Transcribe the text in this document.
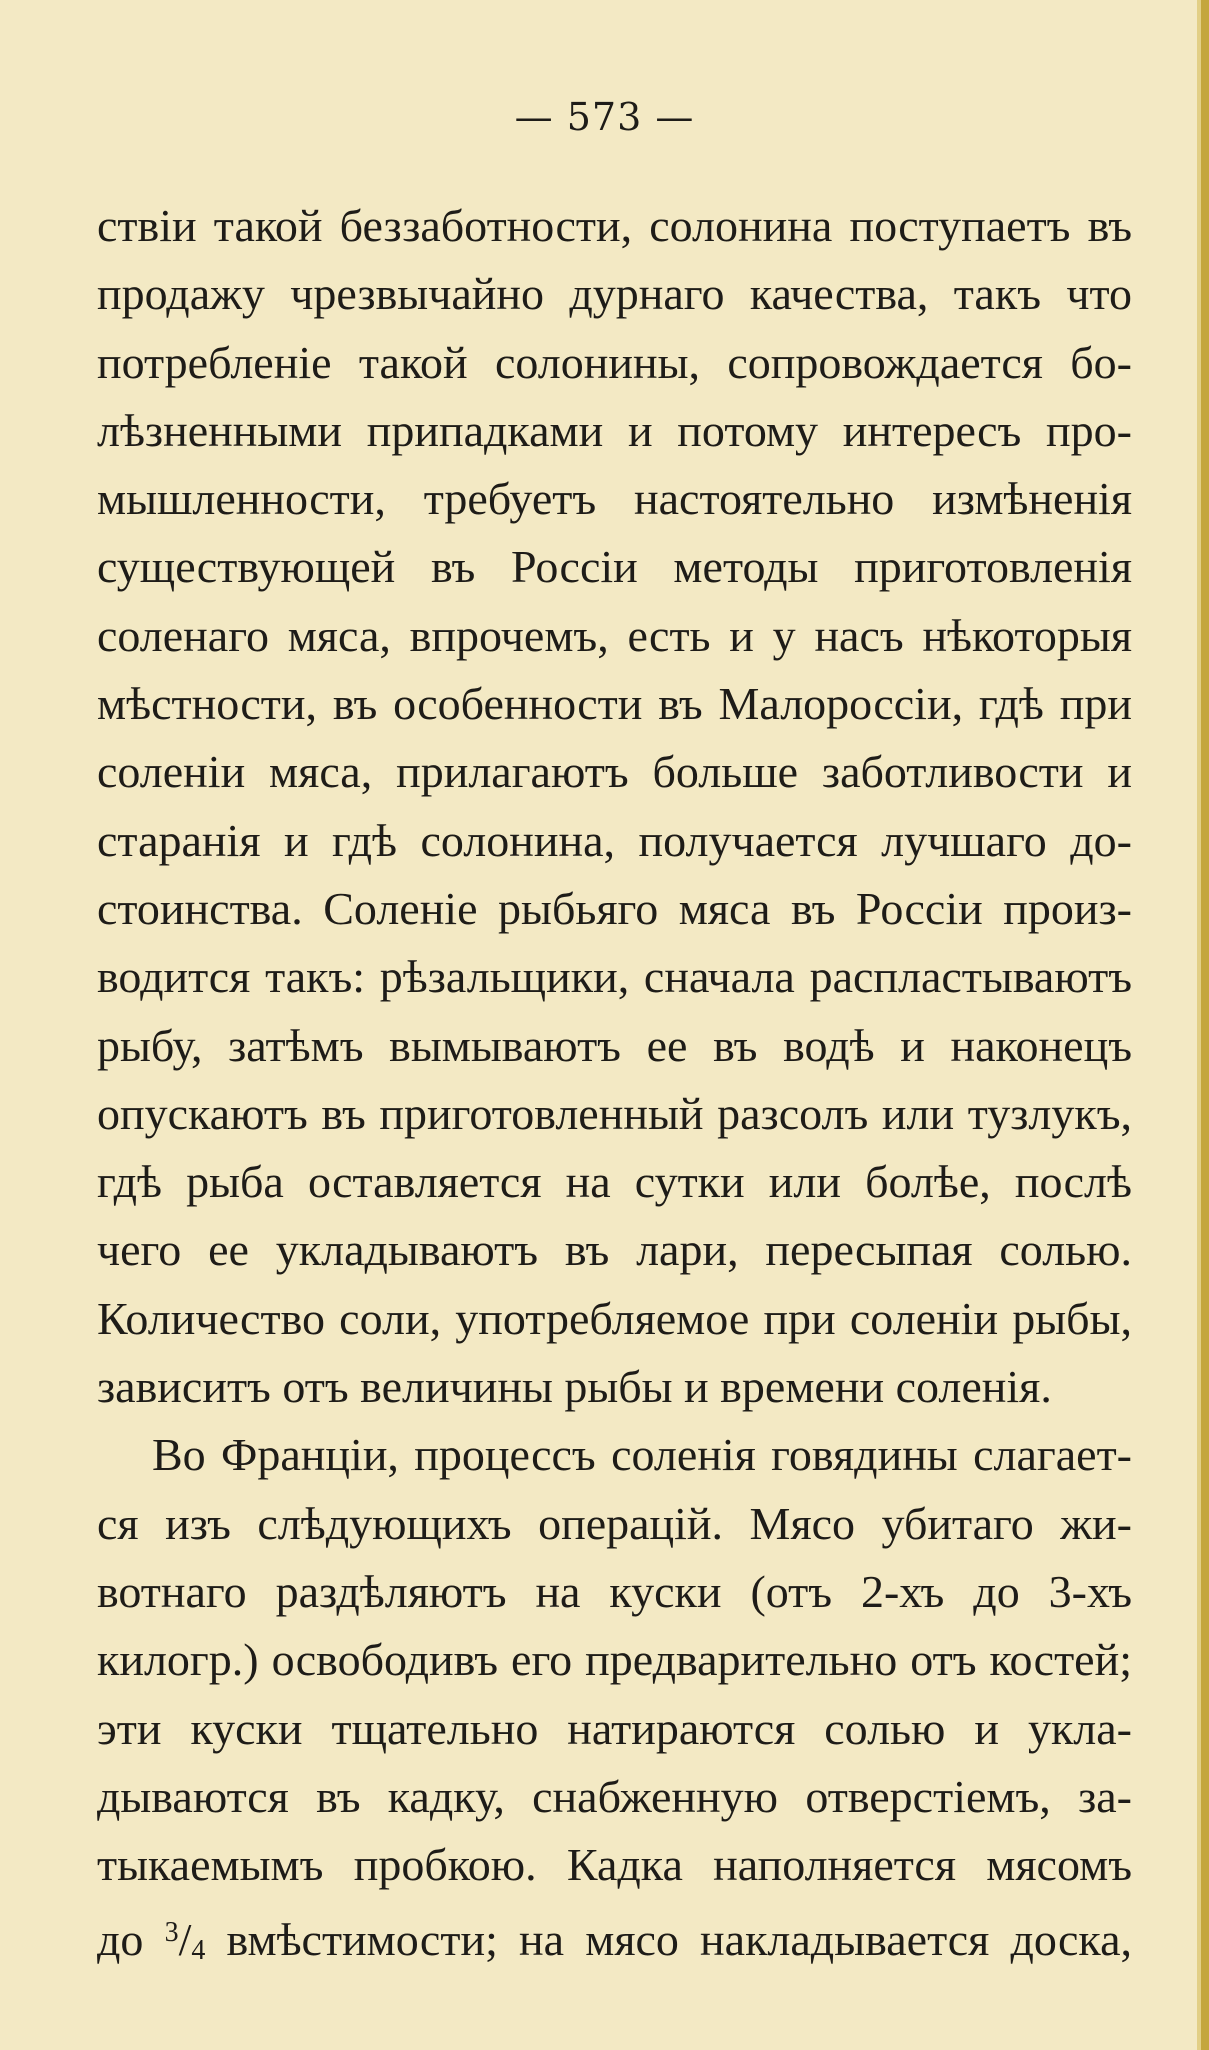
— 573 —
ствіи такой беззаботности, солонина поступаетъ въ
продажу чрезвычайно дурнаго качества, такъ что
потребленіе такой солонины, сопровождается бо-
лѣзненными припадками и потому интересъ про-
мышленности, требуетъ настоятельно измѣненія
существующей въ Россіи методы приготовленія
соленаго мяса, впрочемъ, есть и у насъ нѣкоторыя
мѣстности, въ особенности въ Малороссіи, гдѣ при
соленіи мяса, прилагаютъ больше заботливости и
старанія и гдѣ солонина, получается лучшаго до-
стоинства. Соленіе рыбьяго мяса въ Россіи произ-
водится такъ: рѣзальщики, сначала распластываютъ
рыбу, затѣмъ вымываютъ ее въ водѣ и наконецъ
опускаютъ въ приготовленный разсолъ или тузлукъ,
гдѣ рыба оставляется на сутки или болѣе, послѣ
чего ее укладываютъ въ лари, пересыпая солью.
Количество соли, употребляемое при соленіи рыбы,
зависитъ отъ величины рыбы и времени соленія.
Во Франціи, процессъ соленія говядины слагает-
ся изъ слѣдующихъ операцій. Мясо убитаго жи-
вотнаго раздѣляютъ на куски (отъ 2-хъ до 3-хъ
килогр.) освободивъ его предварительно отъ костей;
эти куски тщательно натираются солью и укла-
дываются въ кадку, снабженную отверстіемъ, за-
тыкаемымъ пробкою. Кадка наполняется мясомъ
до $^3/_4$ вмѣстимости; на мясо накладывается доска,
